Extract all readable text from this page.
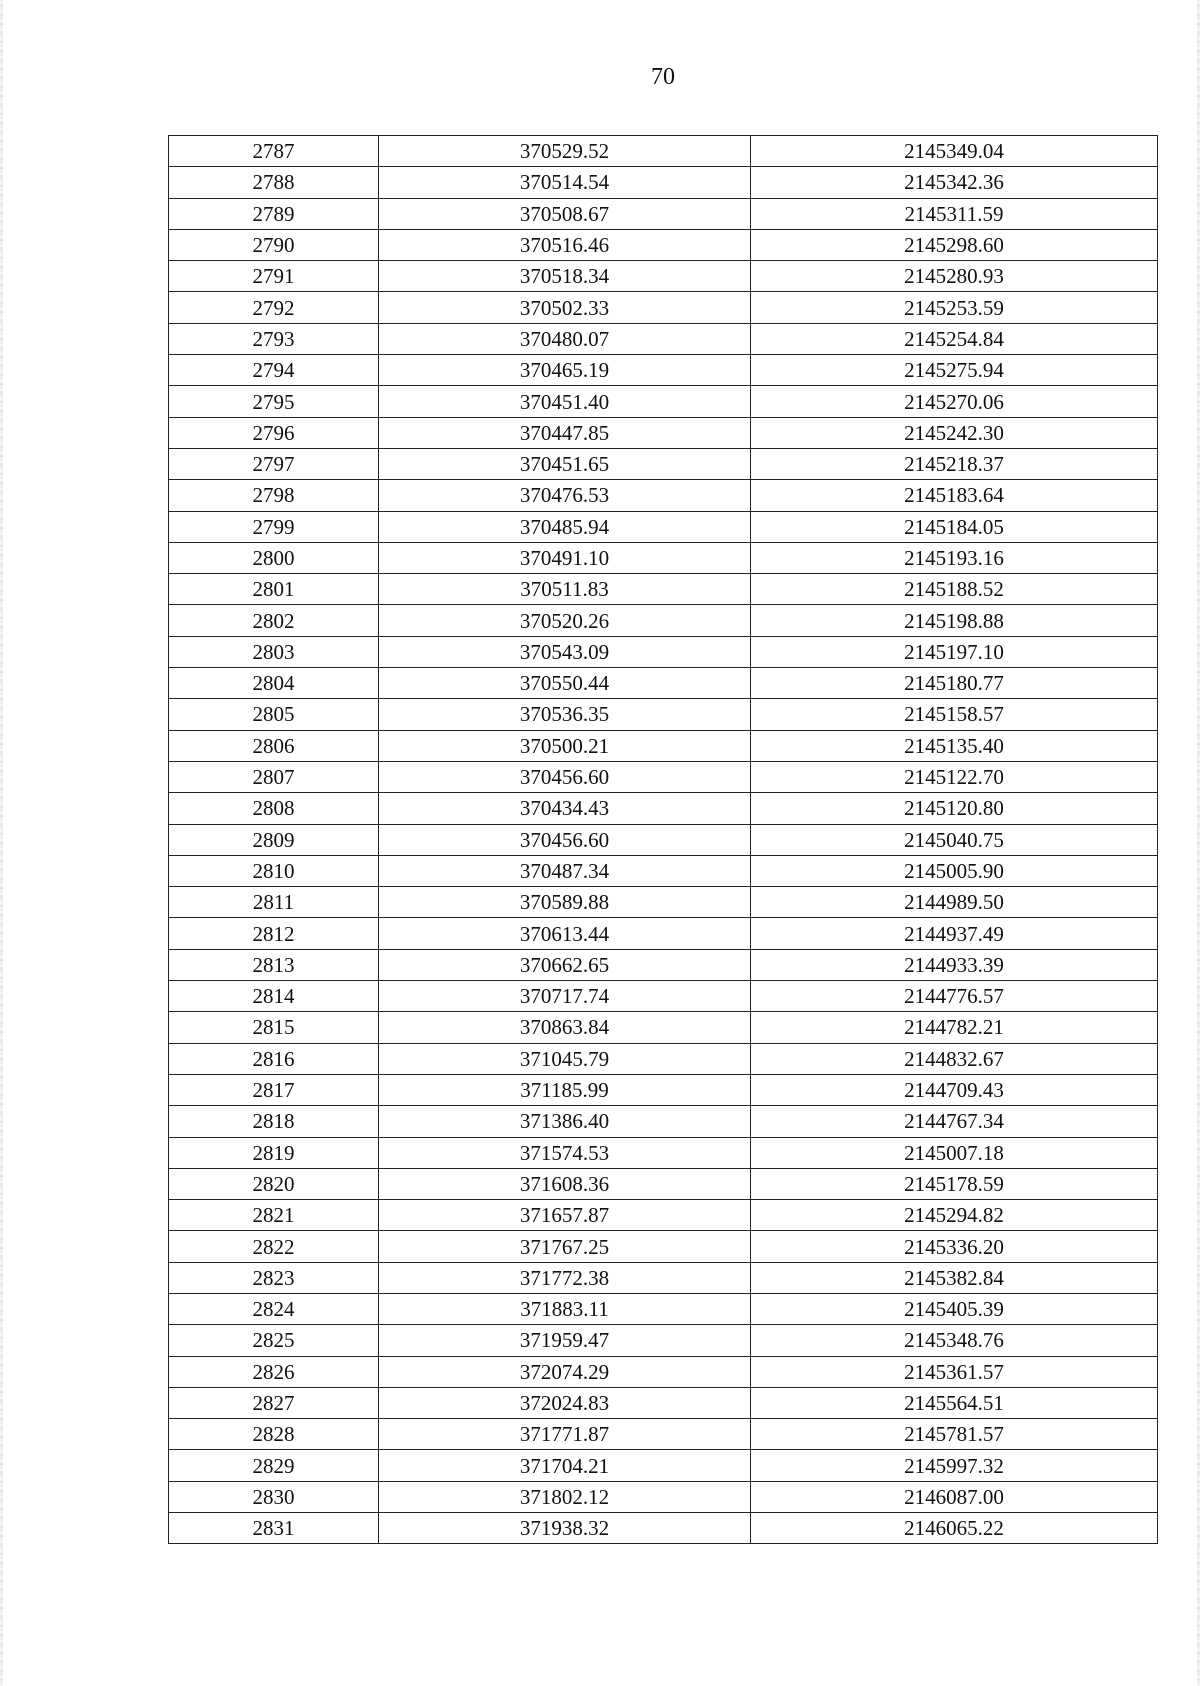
70
2787	370529.52	2145349.04
2788	370514.54	2145342.36
2789	370508.67	2145311.59
2790	370516.46	2145298.60
2791	370518.34	2145280.93
2792	370502.33	2145253.59
2793	370480.07	2145254.84
2794	370465.19	2145275.94
2795	370451.40	2145270.06
2796	370447.85	2145242.30
2797	370451.65	2145218.37
2798	370476.53	2145183.64
2799	370485.94	2145184.05
2800	370491.10	2145193.16
2801	370511.83	2145188.52
2802	370520.26	2145198.88
2803	370543.09	2145197.10
2804	370550.44	2145180.77
2805	370536.35	2145158.57
2806	370500.21	2145135.40
2807	370456.60	2145122.70
2808	370434.43	2145120.80
2809	370456.60	2145040.75
2810	370487.34	2145005.90
2811	370589.88	2144989.50
2812	370613.44	2144937.49
2813	370662.65	2144933.39
2814	370717.74	2144776.57
2815	370863.84	2144782.21
2816	371045.79	2144832.67
2817	371185.99	2144709.43
2818	371386.40	2144767.34
2819	371574.53	2145007.18
2820	371608.36	2145178.59
2821	371657.87	2145294.82
2822	371767.25	2145336.20
2823	371772.38	2145382.84
2824	371883.11	2145405.39
2825	371959.47	2145348.76
2826	372074.29	2145361.57
2827	372024.83	2145564.51
2828	371771.87	2145781.57
2829	371704.21	2145997.32
2830	371802.12	2146087.00
2831	371938.32	2146065.22
